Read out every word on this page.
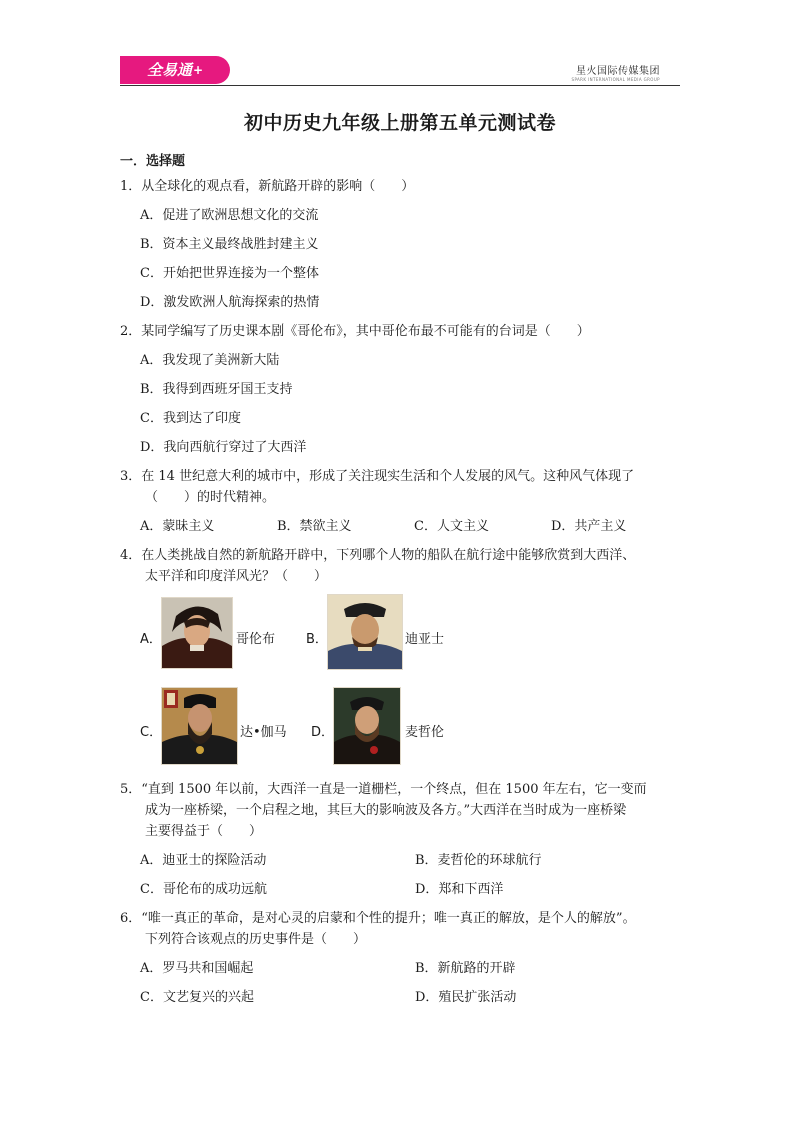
全易通+	星火国际传媒集团
SPARK INTERNATIONAL MEDIA GROUP
初中历史九年级上册第五单元测试卷
一．选择题
1．从全球化的观点看，新航路开辟的影响（　　）
A．促进了欧洲思想文化的交流
B．资本主义最终战胜封建主义
C．开始把世界连接为一个整体
D．激发欧洲人航海探索的热情
2．某同学编写了历史课本剧《哥伦布》，其中哥伦布最不可能有的台词是（　　）
A．我发现了美洲新大陆
B．我得到西班牙国王支持
C．我到达了印度
D．我向西航行穿过了大西洋
3．在 14 世纪意大利的城市中，形成了关注现实生活和个人发展的风气。这种风气体现了
（　　）的时代精神。
A．蒙昧主义	B．禁欲主义	C．人文主义	D．共产主义
4．在人类挑战自然的新航路开辟中，下列哪个人物的船队在航行途中能够欣赏到大西洋、
太平洋和印度洋风光？（　　）
A．	哥伦布 B．	迪亚士
C．	达•伽马 D．	麦哲伦
5．“直到 1500 年以前，大西洋一直是一道栅栏，一个终点，但在 1500 年左右，它一变而
成为一座桥梁，一个启程之地，其巨大的影响波及各方。”大西洋在当时成为一座桥梁
主要得益于（　　）
A．迪亚士的探险活动	B．麦哲伦的环球航行
C．哥伦布的成功远航	D．郑和下西洋
6．“唯一真正的革命，是对心灵的启蒙和个性的提升；唯一真正的解放，是个人的解放”。
下列符合该观点的历史事件是（　　）
A．罗马共和国崛起	B．新航路的开辟
C．文艺复兴的兴起	D．殖民扩张活动
